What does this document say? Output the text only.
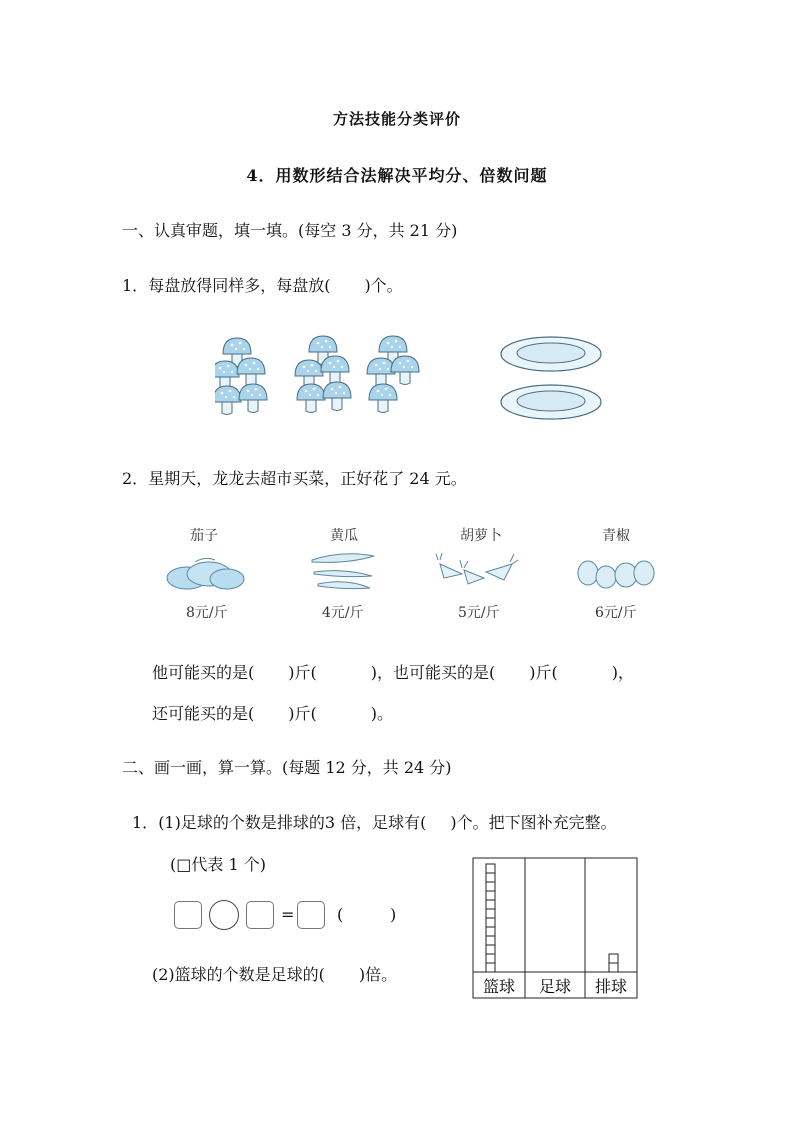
方法技能分类评价
4．用数形结合法解决平均分、倍数问题
一、认真审题，填一填。(每空 3 分，共 21 分)
1．每盘放得同样多，每盘放( )个。
2．星期天，龙龙去超市买菜，正好花了 24 元。
茄子	黄瓜	胡萝卜	青椒
8元/斤	4元/斤	5元/斤	6元/斤
他可能买的是( )斤(	)，也可能买的是( )斤(	)，
还可能买的是( )斤(	)。
二、画一画，算一算。(每题 12 分，共 24 分)
1．(1)足球的个数是排球的3 倍，足球有( )个。把下图补充完整。
(□代表 1 个)
=	(	)
(2)篮球的个数是足球的( )倍。
篮球 足球 排球
